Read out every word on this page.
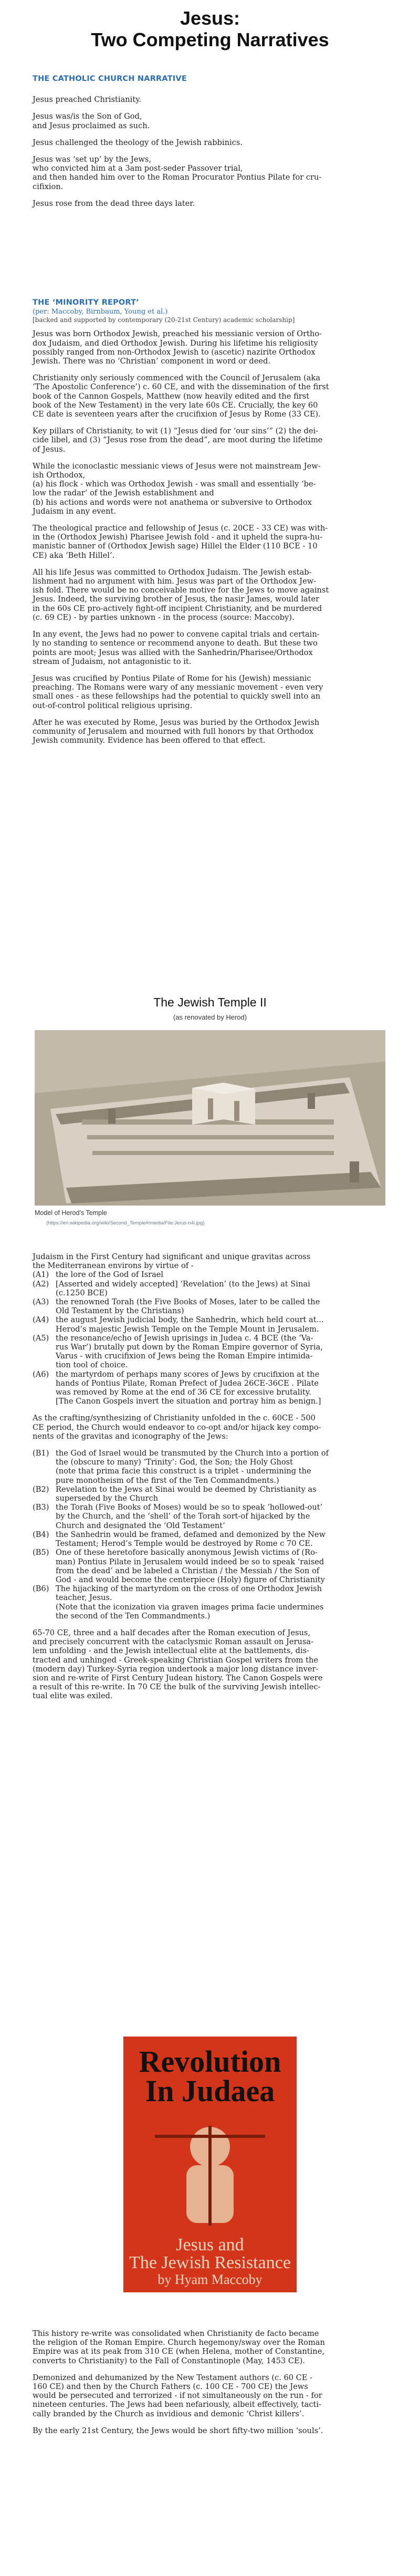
Jesus:
Two Competing Narratives

THE CATHOLIC CHURCH NARRATIVE

Jesus preached Christianity.

Jesus was/is the Son of God,
and Jesus proclaimed as such.

Jesus challenged the theology of the Jewish rabbinics.

Jesus was ‘set up’ by the Jews,
who convicted him at a 3am post-seder Passover trial,
and then handed him over to the Roman Procurator Pontius Pilate for cru-
cifixion.

Jesus rose from the dead three days later.

THE ‘MINORITY REPORT’

(per: Maccoby, Birnbaum, Young et al.)

[backed and supported by contemporary (20-21st Century) academic scholarship]

Jesus was born Orthodox Jewish, preached his messianic version of Ortho-
dox Judaism, and died Orthodox Jewish. During his lifetime his religiosity
possibly ranged from non-Orthodox Jewish to (ascetic) nazirite Orthodox
Jewish. There was no ‘Christian’ component in word or deed.

Christianity only seriously commenced with the Council of Jerusalem (aka
‘The Apostolic Conference’) c. 60 CE, and with the dissemination of the first
book of the Cannon Gospels, Matthew (now heavily edited and the first
book of the New Testament) in the very late 60s CE. Crucially, the key 60
CE date is seventeen years after the crucifixion of Jesus by Rome (33 CE).

Key pillars of Christianity, to wit (1) “Jesus died for ‘our sins’” (2) the dei-
cide libel, and (3) “Jesus rose from the dead”, are moot during the lifetime
of Jesus.

While the iconoclastic messianic views of Jesus were not mainstream Jew-
ish Orthodox,
(a) his flock - which was Orthodox Jewish - was small and essentially ‘be-
low the radar’ of the Jewish establishment and
(b) his actions and words were not anathema or subversive to Orthodox
Judaism in any event.

The theological practice and fellowship of Jesus (c. 20CE - 33 CE) was with-
in the (Orthodox Jewish) Pharisee Jewish fold - and it upheld the supra-hu-
manistic banner of (Orthodox Jewish sage) Hillel the Elder (110 BCE - 10
CE) aka ‘Beth Hillel’.

All his life Jesus was committed to Orthodox Judaism. The Jewish estab-
lishment had no argument with him. Jesus was part of the Orthodox Jew-
ish fold. There would be no conceivable motive for the Jews to move against
Jesus. Indeed, the surviving brother of Jesus, the nasir James, would later
in the 60s CE pro-actively fight-off incipient Christianity, and be murdered
(c. 69 CE) - by parties unknown - in the process (source: Maccoby).

In any event, the Jews had no power to convene capital trials and certain-
ly no standing to sentence or recommend anyone to death. But these two
points are moot; Jesus was allied with the Sanhedrin/Pharisee/Orthodox
stream of Judaism, not antagonistic to it.

Jesus was crucified by Pontius Pilate of Rome for his (Jewish) messianic
preaching. The Romans were wary of any messianic movement - even very
small ones - as these fellowships had the potential to quickly swell into an
out-of-control political religious uprising.

After he was executed by Rome, Jesus was buried by the Orthodox Jewish
community of Jerusalem and mourned with full honors by that Orthodox
Jewish community. Evidence has been offered to that effect.

The Jewish Temple II
(as renovated by Herod)
Model of Herod’s Temple
(https://en.wikipedia.org/wiki/Second_Temple#/media/File:Jerus-n4i.jpg)

Judaism in the First Century had significant and unique gravitas across
the Mediterranean environs by virtue of -

(A1) the lore of the God of Israel
(A2) [Asserted and widely accepted] ‘Revelation’ (to the Jews) at Sinai
(c.1250 BCE)
(A3) the renowned Torah (the Five Books of Moses, later to be called the
Old Testament by the Christians)
(A4) the august Jewish judicial body, the Sanhedrin, which held court at...
Herod’s majestic Jewish Temple on the Temple Mount in Jerusalem.
(A5) the resonance/echo of Jewish uprisings in Judea c. 4 BCE (the ‘Va-
rus War’) brutally put down by the Roman Empire governor of Syria,
Varus - with crucifixion of Jews being the Roman Empire intimida-
tion tool of choice.
(A6) the martyrdom of perhaps many scores of Jews by crucifixion at the
hands of Pontius Pilate, Roman Prefect of Judea 26CE-36CE . Pilate
was removed by Rome at the end of 36 CE for excessive brutality.
[The Canon Gospels invert the situation and portray him as benign.]

As the crafting/synthesizing of Christianity unfolded in the c. 60CE - 500
CE period, the Church would endeavor to co-opt and/or hijack key compo-
nents of the gravitas and iconography of the Jews:

(B1) the God of Israel would be transmuted by the Church into a portion of
the (obscure to many) ‘Trinity’: God, the Son; the Holy Ghost
(note that prima facie this construct is a triplet - undermining the
pure monotheism of the first of the Ten Commandments.)
(B2) Revelation to the Jews at Sinai would be deemed by Christianity as
superseded by the Church
(B3) the Torah (Five Books of Moses) would be so to speak ‘hollowed-out’
by the Church, and the ‘shell’ of the Torah sort-of hijacked by the
Church and designated the ‘Old Testament’
(B4) the Sanhedrin would be framed, defamed and demonized by the New
Testament; Herod’s Temple would be destroyed by Rome c 70 CE.
(B5) One of these heretofore basically anonymous Jewish victims of (Ro-
man) Pontius Pilate in Jerusalem would indeed be so to speak ‘raised
from the dead’ and be labeled a Christian / the Messiah / the Son of
God - and would become the centerpiece (Holy) figure of Christianity
(B6) The hijacking of the martyrdom on the cross of one Orthodox Jewish
teacher, Jesus.
(Note that the iconization via graven images prima facie undermines
the second of the Ten Commandments.)

65-70 CE, three and a half decades after the Roman execution of Jesus,
and precisely concurrent with the cataclysmic Roman assault on Jerusa-
lem unfolding - and the Jewish intellectual elite at the battlements, dis-
tracted and unhinged - Greek-speaking Christian Gospel writers from the
(modern day) Turkey-Syria region undertook a major long distance inver-
sion and re-write of First Century Judean history. The Canon Gospels were
a result of this re-write. In 70 CE the bulk of the surviving Jewish intellec-
tual elite was exiled.

Revolution
In Judaea
Jesus and
The Jewish Resistance
by Hyam Maccoby

This history re-write was consolidated when Christianity de facto became
the religion of the Roman Empire. Church hegemony/sway over the Roman
Empire was at its peak from 310 CE (when Helena, mother of Constantine,
converts to Christianity) to the Fall of Constantinople (May, 1453 CE).

Demonized and dehumanized by the New Testament authors (c. 60 CE -
160 CE) and then by the Church Fathers (c. 100 CE - 700 CE) the Jews
would be persecuted and terrorized - if not simultaneously on the run - for
nineteen centuries. The Jews had been nefariously, albeit effectively, tacti-
cally branded by the Church as invidious and demonic ‘Christ killers’.

By the early 21st Century, the Jews would be short fifty-two million ‘souls’.
